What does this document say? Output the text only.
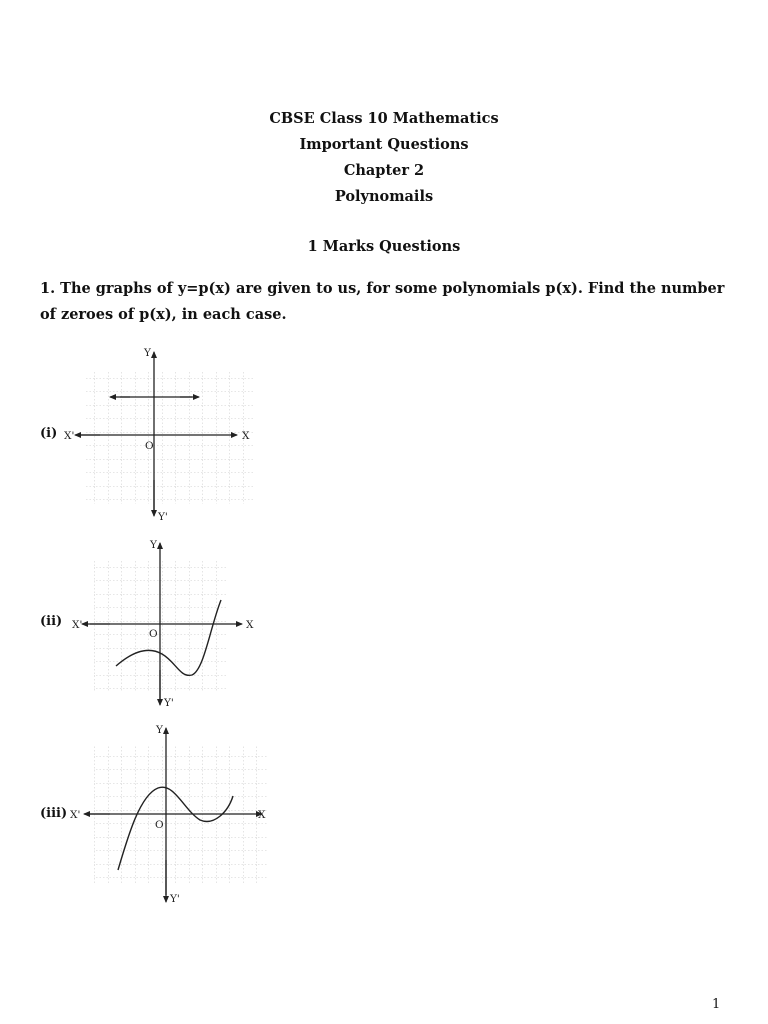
CBSE Class 10 Mathematics
Important Questions
Chapter 2
Polynomails
1 Marks Questions
1. The graphs of y=p(x) are given to us, for some polynomials p(x). Find the number of zeroes of p(x), in each case.
(i)
(ii)
(iii)
Y
Y'
X'	X
O
Y
Y'
X'	X
O
Y
Y'
X'	X
O
1
